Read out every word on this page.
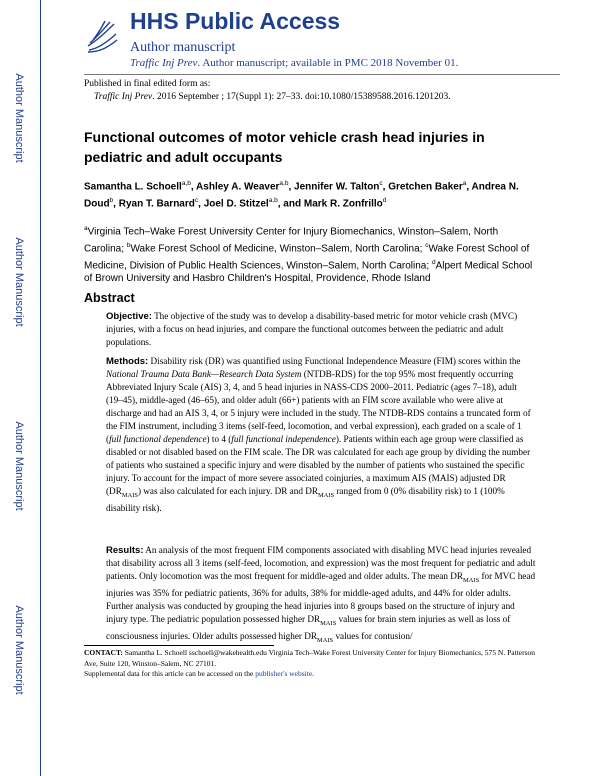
Author Manuscript
Author Manuscript
Author Manuscript
Author Manuscript
HHS Public Access
Author manuscript
Traffic Inj Prev. Author manuscript; available in PMC 2018 November 01.
Published in final edited form as:
Traffic Inj Prev. 2016 September ; 17(Suppl 1): 27–33. doi:10.1080/15389588.2016.1201203.
Functional outcomes of motor vehicle crash head injuries in pediatric and adult occupants
Samantha L. Schoell$^{a,b}$, Ashley A. Weaver$^{a,b}$, Jennifer W. Talton$^c$, Gretchen Baker$^a$, Andrea N. Doud$^b$, Ryan T. Barnard$^c$, Joel D. Stitzel$^{a,b}$, and Mark R. Zonfrillo$^d$
$^a$Virginia Tech–Wake Forest University Center for Injury Biomechanics, Winston–Salem, North Carolina; $^b$Wake Forest School of Medicine, Winston–Salem, North Carolina; $^c$Wake Forest School of Medicine, Division of Public Health Sciences, Winston–Salem, North Carolina; $^d$Alpert Medical School of Brown University and Hasbro Children's Hospital, Providence, Rhode Island
Abstract
Objective: The objective of the study was to develop a disability-based metric for motor vehicle crash (MVC) injuries, with a focus on head injuries, and compare the functional outcomes between the pediatric and adult populations.
Methods: Disability risk (DR) was quantified using Functional Independence Measure (FIM) scores within the National Trauma Data Bank—Research Data System (NTDB-RDS) for the top 95% most frequently occurring Abbreviated Injury Scale (AIS) 3, 4, and 5 head injuries in NASS-CDS 2000–2011. Pediatric (ages 7–18), adult (19–45), middle-aged (46–65), and older adult (66+) patients with an FIM score available who were alive at discharge and had an AIS 3, 4, or 5 injury were included in the study. The NTDB-RDS contains a truncated form of the FIM instrument, including 3 items (self-feed, locomotion, and verbal expression), each graded on a scale of 1 (full functional dependence) to 4 (full functional independence). Patients within each age group were classified as disabled or not disabled based on the FIM scale. The DR was calculated for each age group by dividing the number of patients who sustained a specific injury and were disabled by the number of patients who sustained the specific injury. To account for the impact of more severe associated coinjuries, a maximum AIS (MAIS) adjusted DR $(DR_{MAIS})$ was also calculated for each injury. DR and $DR_{MAIS}$ ranged from 0 (0% disability risk) to 1 (100% disability risk).
Results: An analysis of the most frequent FIM components associated with disabling MVC head injuries revealed that disability across all 3 items (self-feed, locomotion, and expression) was the most frequent for pediatric and adult patients. Only locomotion was the most frequent for middle-aged and older adults. The mean $DR_{MAIS}$ for MVC head injuries was 35% for pediatric patients, 36% for adults, 38% for middle-aged adults, and 44% for older adults. Further analysis was conducted by grouping the head injuries into 8 groups based on the structure of injury and injury type. The pediatric population possessed higher $DR_{MAIS}$ values for brain stem injuries as well as loss of consciousness injuries. Older adults possessed higher $DR_{MAIS}$ values for contusion/
CONTACT: Samantha L. Schoell sschoell@wakehealth.edu Virginia Tech–Wake Forest University Center for Injury Biomechanics, 575 N. Patterson Ave, Suite 120, Winston–Salem, NC 27101.
Supplemental data for this article can be accessed on the publisher's website.
